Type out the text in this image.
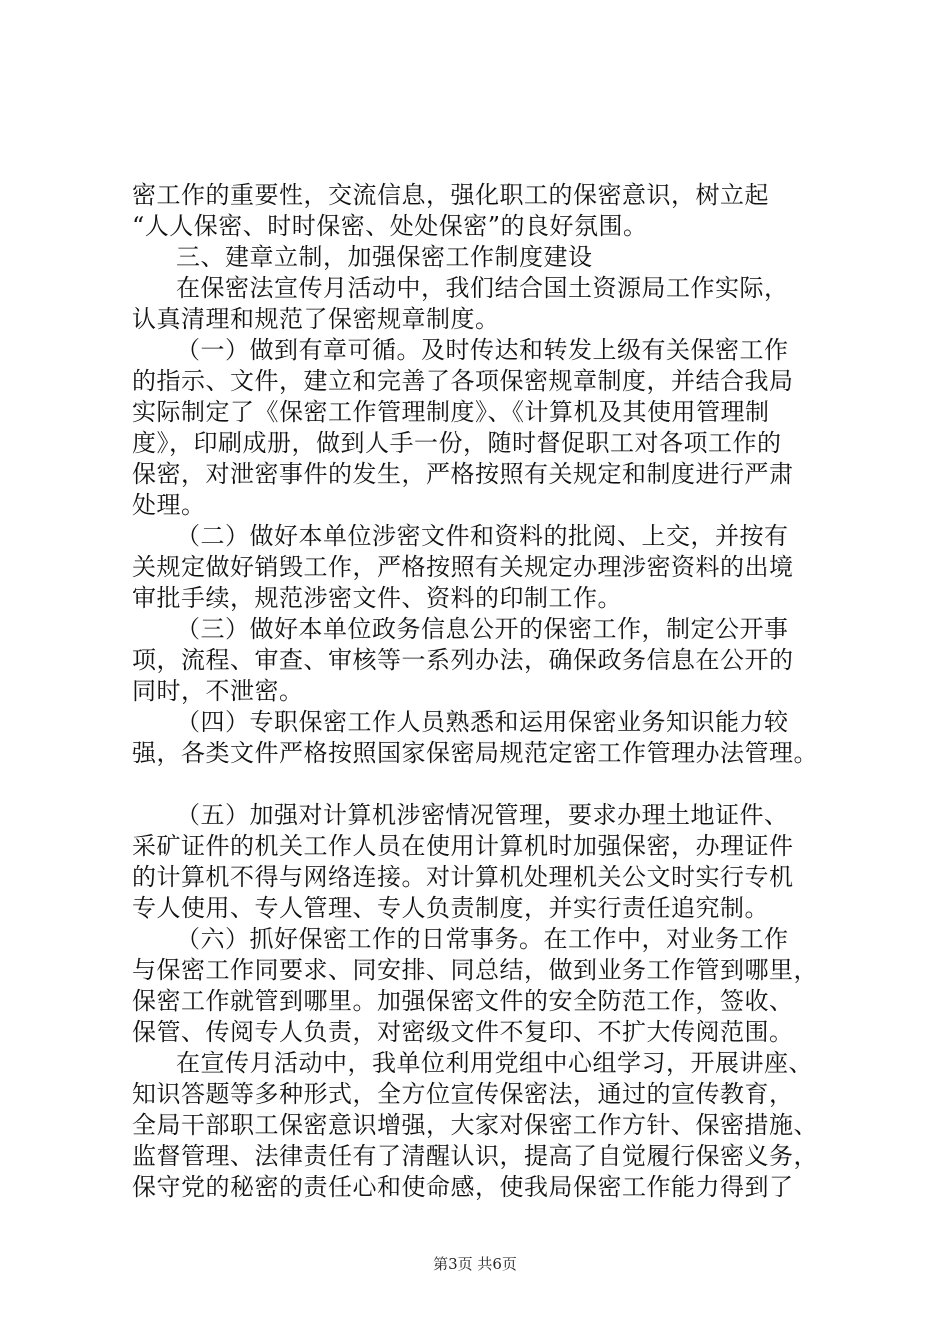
密工作的重要性，交流信息，强化职工的保密意识，树立起
“人人保密、时时保密、处处保密”的良好氛围。
三、建章立制，加强保密工作制度建设
在保密法宣传月活动中，我们结合国土资源局工作实际，
认真清理和规范了保密规章制度。
（一）做到有章可循。及时传达和转发上级有关保密工作
的指示、文件，建立和完善了各项保密规章制度，并结合我局
实际制定了《保密工作管理制度》、《计算机及其使用管理制
度》，印刷成册，做到人手一份，随时督促职工对各项工作的
保密，对泄密事件的发生，严格按照有关规定和制度进行严肃
处理。
（二）做好本单位涉密文件和资料的批阅、上交，并按有
关规定做好销毁工作，严格按照有关规定办理涉密资料的出境
审批手续，规范涉密文件、资料的印制工作。
（三）做好本单位政务信息公开的保密工作，制定公开事
项，流程、审查、审核等一系列办法，确保政务信息在公开的
同时，不泄密。
（四）专职保密工作人员熟悉和运用保密业务知识能力较
强，各类文件严格按照国家保密局规范定密工作管理办法管理。
（五）加强对计算机涉密情况管理，要求办理土地证件、
采矿证件的机关工作人员在使用计算机时加强保密，办理证件
的计算机不得与网络连接。对计算机处理机关公文时实行专机
专人使用、专人管理、专人负责制度，并实行责任追究制。
（六）抓好保密工作的日常事务。在工作中，对业务工作
与保密工作同要求、同安排、同总结，做到业务工作管到哪里，
保密工作就管到哪里。加强保密文件的安全防范工作，签收、
保管、传阅专人负责，对密级文件不复印、不扩大传阅范围。
在宣传月活动中，我单位利用党组中心组学习，开展讲座、
知识答题等多种形式，全方位宣传保密法，通过的宣传教育，
全局干部职工保密意识增强，大家对保密工作方针、保密措施、
监督管理、法律责任有了清醒认识，提高了自觉履行保密义务，
保守党的秘密的责任心和使命感，使我局保密工作能力得到了
第3页 共6页
